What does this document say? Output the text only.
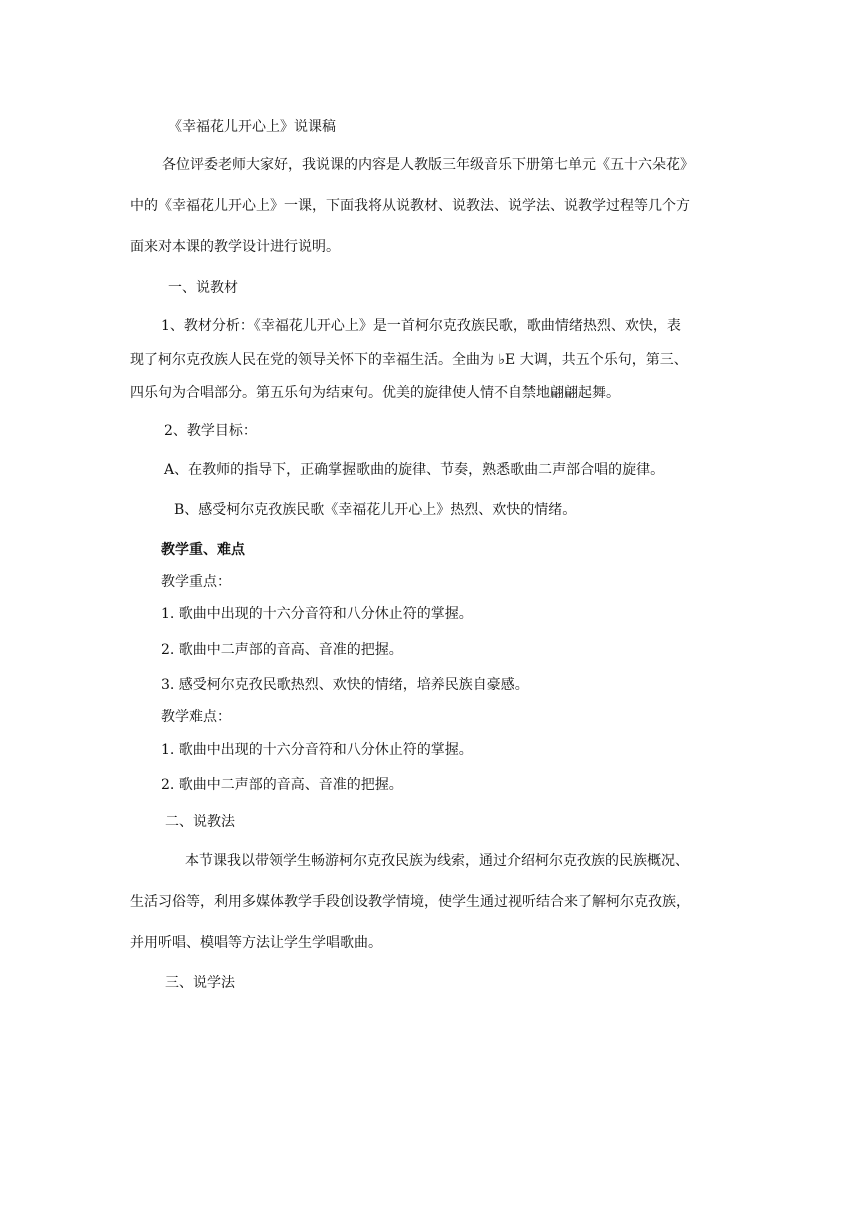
《幸福花儿开心上》说课稿
各位评委老师大家好，我说课的内容是人教版三年级音乐下册第七单元《五十六朵花》
中的《幸福花儿开心上》一课，下面我将从说教材、说教法、说学法、说教学过程等几个方
面来对本课的教学设计进行说明。
一、说教材
1、教材分析：《幸福花儿开心上》是一首柯尔克孜族民歌，歌曲情绪热烈、欢快，表
现了柯尔克孜族人民在党的领导关怀下的幸福生活。全曲为 ♭E 大调，共五个乐句，第三、
四乐句为合唱部分。第五乐句为结束句。优美的旋律使人情不自禁地翩翩起舞。
2、教学目标：
A、在教师的指导下，正确掌握歌曲的旋律、节奏，熟悉歌曲二声部合唱的旋律。
B、感受柯尔克孜族民歌《幸福花儿开心上》热烈、欢快的情绪。
教学重、难点
教学重点：
1. 歌曲中出现的十六分音符和八分休止符的掌握。
2. 歌曲中二声部的音高、音准的把握。
3. 感受柯尔克孜民歌热烈、欢快的情绪，培养民族自豪感。
教学难点：
1. 歌曲中出现的十六分音符和八分休止符的掌握。
2. 歌曲中二声部的音高、音准的把握。
二、说教法
本节课我以带领学生畅游柯尔克孜民族为线索，通过介绍柯尔克孜族的民族概况、
生活习俗等，利用多媒体教学手段创设教学情境，使学生通过视听结合来了解柯尔克孜族，
并用听唱、模唱等方法让学生学唱歌曲。
三、说学法
